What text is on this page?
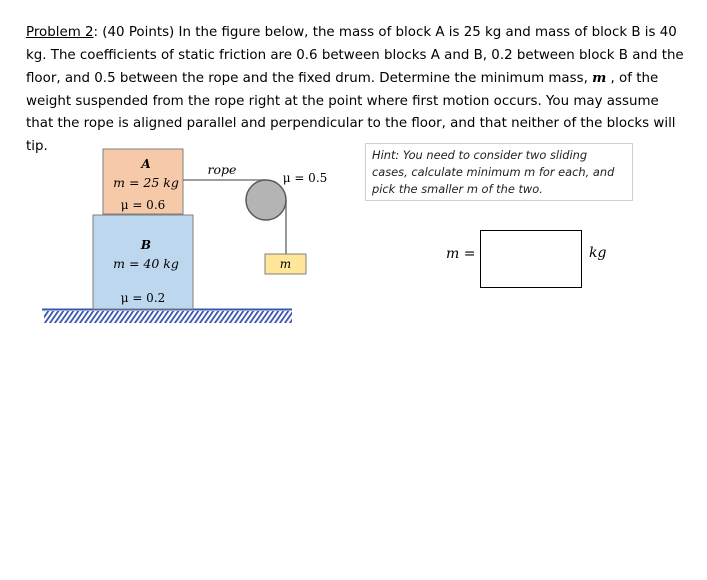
Problem 2: (40 Points) In the figure below, the mass of block A is 25 kg and mass of block B is 40 kg. The coefficients of static friction are 0.6 between blocks A and B, 0.2 between block B and the floor, and 0.5 between the rope and the fixed drum. Determine the minimum mass, m , of the weight suspended from the rope right at the point where first motion occurs. You may assume that the rope is aligned parallel and perpendicular to the floor, and that neither of the blocks will tip.
B
m = 40 kg
μ = 0.2
A
m = 25 kg
μ = 0.6
rope
μ = 0.5
m
Hint: You need to consider two sliding cases, calculate minimum m for each, and pick the smaller m of the two.
m =	kg
